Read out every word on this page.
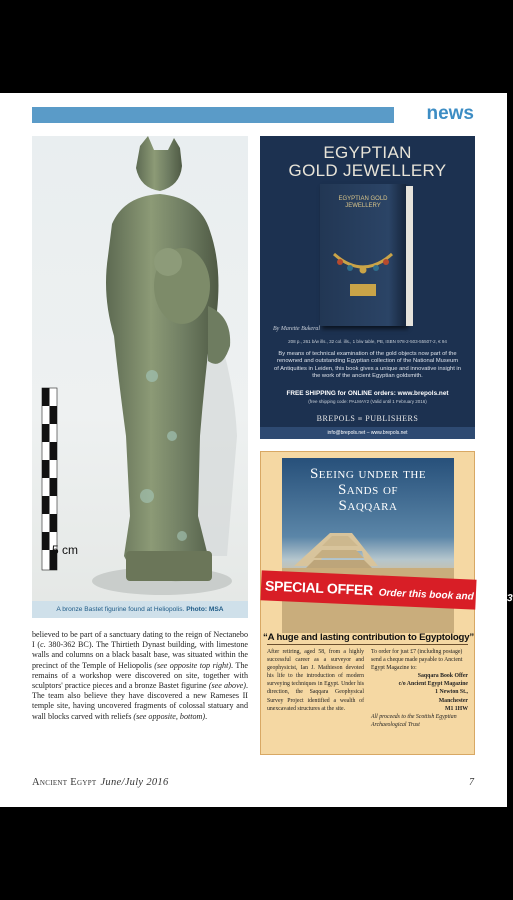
news
5 cm
A bronze Bastet figurine found at Heliopolis. Photo: MSA
believed to be part of a sanctuary dating to the reign of Nectanebo I (c. 380-362 BC). The Thirtieth Dynast building, with limestone walls and columns on a black basalt base, was situated within the precinct of the Temple of Heliopolis (see opposite top right). The remains of a workshop were discovered on site, together with sculptors' practice pieces and a bronze Bastet figurine (see above). The team also believe they have discovered a new Rameses II temple site, having uncovered fragments of colossal statuary and wall blocks carved with reliefs (see opposite, bottom).
EGYPTIAN
GOLD JEWELLERY
EGYPTIAN GOLD JEWELLERY
By Marette Bukeral
208 p., 261 b/w ills., 32 col. ills., 1 b/w table, PB, ISBN 978-2-503-55507-2, € 94
By means of technical examination of the gold objects now part of the renowned and outstanding Egyptian collection of the National Museum of Antiquities in Leiden, this book gives a unique and innovative insight in the work of the ancient Egyptian goldsmith.
FREE SHIPPING for ONLINE orders: www.brepols.net
(free shipping code: PALMAY2 (Valid until 1 February 2016)
BREPOLS ≡ PUBLISHERS
info@brepols.net – www.brepols.net
Seeing under the
Sands of
Saqqara
SPECIAL OFFER Order this book and save £3
“A huge and lasting contribution to Egyptology”
After retiring, aged 58, from a highly successful career as a surveyor and geophysicist, Ian J. Mathieson devoted his life to the introduction of modern surveying techniques in Egypt. Under his direction, the Saqqara Geophysical Survey Project identified a wealth of unexcavated structures at the site.
To order for just £7 (including postage) send a cheque made payable to Ancient Egypt Magazine to:
Saqqara Book Offer
c/o Ancient Egypt Magazine
1 Newton St.,
Manchester
M1 1HW
All proceeds to the Scottish Egyptian Archaeological Trust
Ancient Egypt June/July 2016	7
